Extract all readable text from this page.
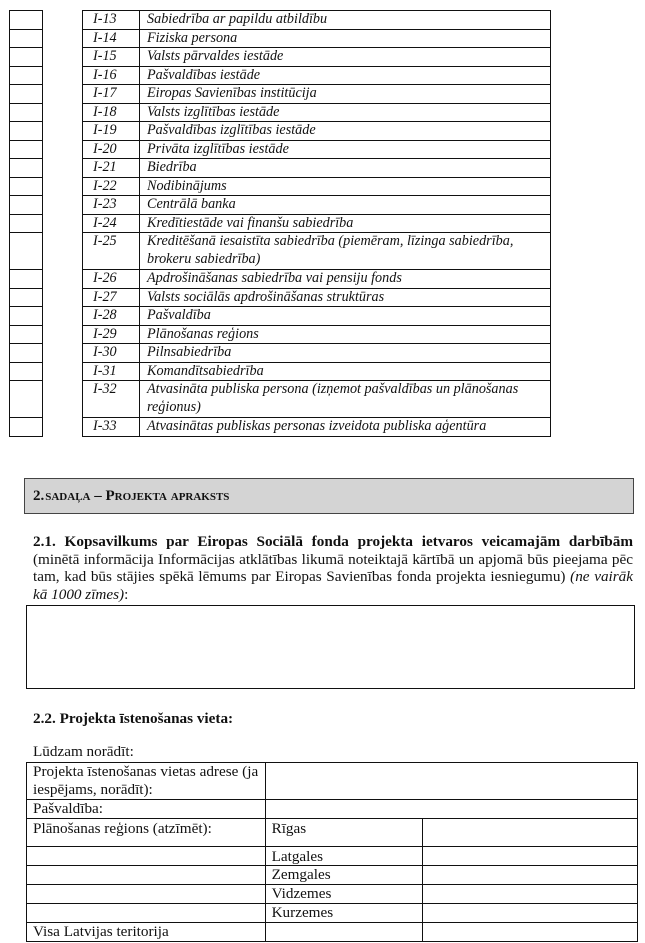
I-13	Sabiedrība ar papildu atbildību
I-14	Fiziska persona
I-15	Valsts pārvaldes iestāde
I-16	Pašvaldības iestāde
I-17	Eiropas Savienības institūcija
I-18	Valsts izglītības iestāde
I-19	Pašvaldības izglītības iestāde
I-20	Privāta izglītības iestāde
I-21	Biedrība
I-22	Nodibinājums
I-23	Centrālā banka
I-24	Kredītiestāde vai finanšu sabiedrība
I-25	Kreditēšanā iesaistīta sabiedrība (piemēram, līzinga sabiedrība, brokeru sabiedrība)
I-26	Apdrošināšanas sabiedrība vai pensiju fonds
I-27	Valsts sociālās apdrošināšanas struktūras
I-28	Pašvaldība
I-29	Plānošanas reģions
I-30	Pilnsabiedrība
I-31	Komandītsabiedrība
I-32	Atvasināta publiska persona (izņemot pašvaldības un plānošanas reģionus)
I-33	Atvasinātas publiskas personas izveidota publiska aģentūra
2. sadaļa – Projekta apraksts
2.1. Kopsavilkums par Eiropas Sociālā fonda projekta ietvaros veicamajām darbībām (minētā informācija Informācijas atklātības likumā noteiktajā kārtībā un apjomā būs pieejama pēc tam, kad būs stājies spēkā lēmums par Eiropas Savienības fonda projekta iesniegumu) (ne vairāk kā 1000 zīmes):
2.2. Projekta īstenošanas vieta:
Lūdzam norādīt:
Projekta īstenošanas vietas adrese (ja iespējams, norādīt):		
Pašvaldība:		
Plānošanas reģions (atzīmēt):	Rīgas	
	Latgales	
	Zemgales	
	Vidzemes	
	Kurzemes	
Visa Latvijas teritorija		
